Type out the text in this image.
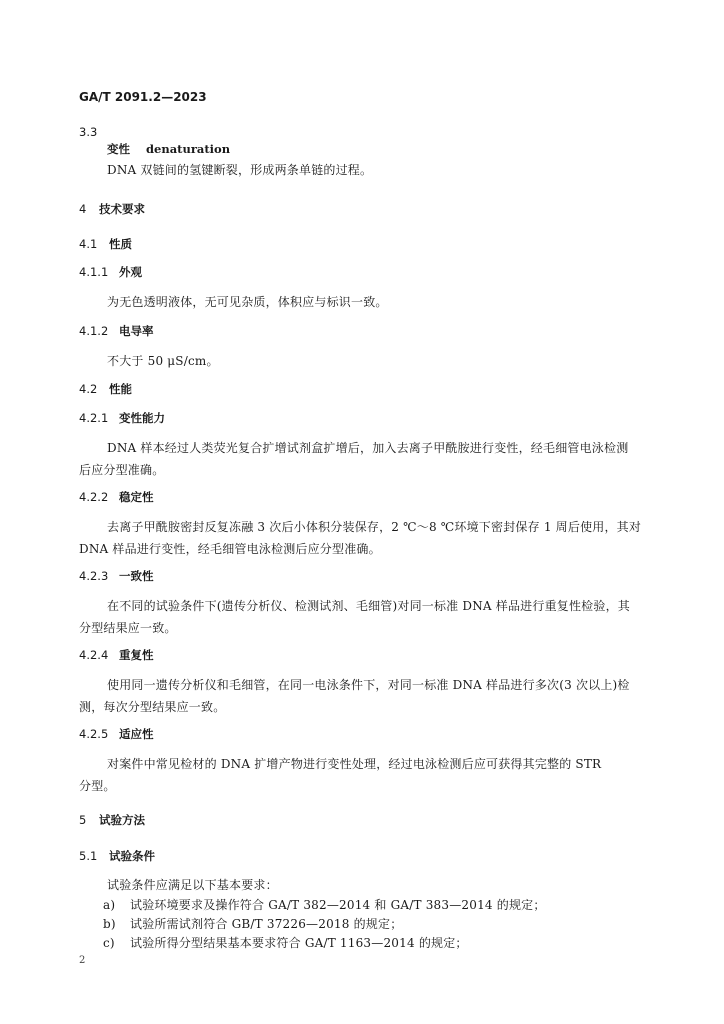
GA/T 2091.2—2023
3.3
变性 denaturation
DNA 双链间的氢键断裂，形成两条单链的过程。
4 技术要求
4.1 性质
4.1.1 外观
为无色透明液体，无可见杂质，体积应与标识一致。
4.1.2 电导率
不大于 50 μS/cm。
4.2 性能
4.2.1 变性能力
DNA 样本经过人类荧光复合扩增试剂盒扩增后，加入去离子甲酰胺进行变性，经毛细管电泳检测
后应分型准确。
4.2.2 稳定性
去离子甲酰胺密封反复冻融 3 次后小体积分装保存，2 ℃～8 ℃环境下密封保存 1 周后使用，其对
DNA 样品进行变性，经毛细管电泳检测后应分型准确。
4.2.3 一致性
在不同的试验条件下(遗传分析仪、检测试剂、毛细管)对同一标准 DNA 样品进行重复性检验，其
分型结果应一致。
4.2.4 重复性
使用同一遗传分析仪和毛细管，在同一电泳条件下，对同一标准 DNA 样品进行多次(3 次以上)检
测，每次分型结果应一致。
4.2.5 适应性
对案件中常见检材的 DNA 扩增产物进行变性处理，经过电泳检测后应可获得其完整的 STR
分型。
5 试验方法
5.1 试验条件
试验条件应满足以下基本要求：
a) 试验环境要求及操作符合 GA/T 382—2014 和 GA/T 383—2014 的规定；
b) 试验所需试剂符合 GB/T 37226—2018 的规定；
c) 试验所得分型结果基本要求符合 GA/T 1163—2014 的规定；
2
